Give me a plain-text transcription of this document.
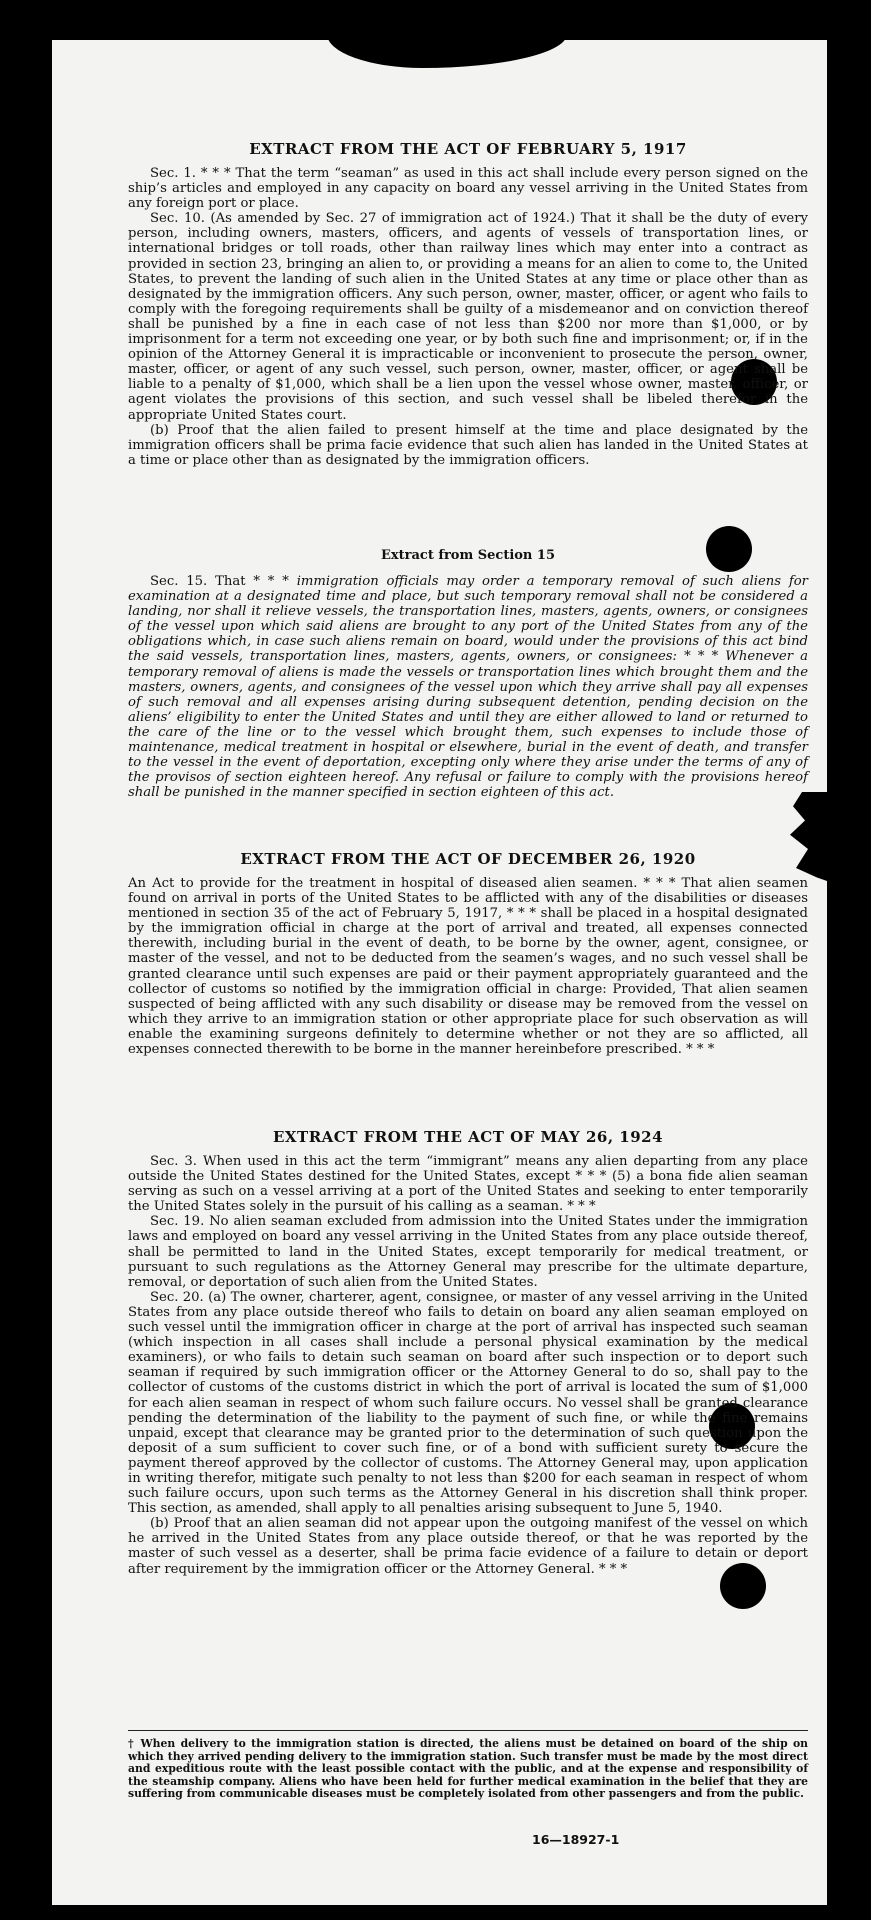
EXTRACT FROM THE ACT OF FEBRUARY 5, 1917

Sec. 1. * * * That the term “seaman” as used in this act shall include every person signed on the ship’s articles and employed in any capacity on board any vessel arriving in the United States from any foreign port or place.

Sec. 10. (As amended by Sec. 27 of immigration act of 1924.) That it shall be the duty of every person, including owners, masters, officers, and agents of vessels of transportation lines, or international bridges or toll roads, other than railway lines which may enter into a contract as provided in section 23, bringing an alien to, or providing a means for an alien to come to, the United States, to prevent the landing of such alien in the United States at any time or place other than as designated by the immigration officers. Any such person, owner, master, officer, or agent who fails to comply with the foregoing requirements shall be guilty of a misdemeanor and on conviction thereof shall be punished by a fine in each case of not less than $200 nor more than $1,000, or by imprisonment for a term not exceeding one year, or by both such fine and imprisonment; or, if in the opinion of the Attorney General it is impracticable or inconvenient to prosecute the person, owner, master, officer, or agent of any such vessel, such person, owner, master, officer, or agent shall be liable to a penalty of $1,000, which shall be a lien upon the vessel whose owner, master, officer, or agent violates the provisions of this section, and such vessel shall be libeled therefor in the appropriate United States court.

(b) Proof that the alien failed to present himself at the time and place designated by the immigration officers shall be prima facie evidence that such alien has landed in the United States at a time or place other than as designated by the immigration officers.

Extract from Section 15

Sec. 15. That * * * immigration officials may order a temporary removal of such aliens for examination at a designated time and place, but such temporary removal shall not be considered a landing, nor shall it relieve vessels, the transportation lines, masters, agents, owners, or consignees of the vessel upon which said aliens are brought to any port of the United States from any of the obligations which, in case such aliens remain on board, would under the provisions of this act bind the said vessels, transportation lines, masters, agents, owners, or consignees: * * * Whenever a temporary removal of aliens is made the vessels or transportation lines which brought them and the masters, owners, agents, and consignees of the vessel upon which they arrive shall pay all expenses of such removal and all expenses arising during subsequent detention, pending decision on the aliens’ eligibility to enter the United States and until they are either allowed to land or returned to the care of the line or to the vessel which brought them, such expenses to include those of maintenance, medical treatment in hospital or elsewhere, burial in the event of death, and transfer to the vessel in the event of deportation, excepting only where they arise under the terms of any of the provisos of section eighteen hereof. Any refusal or failure to comply with the provisions hereof shall be punished in the manner specified in section eighteen of this act.

EXTRACT FROM THE ACT OF DECEMBER 26, 1920

An Act to provide for the treatment in hospital of diseased alien seamen. * * * That alien seamen found on arrival in ports of the United States to be afflicted with any of the disabilities or diseases mentioned in section 35 of the act of February 5, 1917, * * * shall be placed in a hospital designated by the immigration official in charge at the port of arrival and treated, all expenses connected therewith, including burial in the event of death, to be borne by the owner, agent, consignee, or master of the vessel, and not to be deducted from the seamen’s wages, and no such vessel shall be granted clearance until such expenses are paid or their payment appropriately guaranteed and the collector of customs so notified by the immigration official in charge: Provided, That alien seamen suspected of being afflicted with any such disability or disease may be removed from the vessel on which they arrive to an immigration station or other appropriate place for such observation as will enable the examining surgeons definitely to determine whether or not they are so afflicted, all expenses connected therewith to be borne in the manner hereinbefore prescribed. * * *

EXTRACT FROM THE ACT OF MAY 26, 1924

Sec. 3. When used in this act the term “immigrant” means any alien departing from any place outside the United States destined for the United States, except * * * (5) a bona fide alien seaman serving as such on a vessel arriving at a port of the United States and seeking to enter temporarily the United States solely in the pursuit of his calling as a seaman. * * *

Sec. 19. No alien seaman excluded from admission into the United States under the immigration laws and employed on board any vessel arriving in the United States from any place outside thereof, shall be permitted to land in the United States, except temporarily for medical treatment, or pursuant to such regulations as the Attorney General may prescribe for the ultimate departure, removal, or deportation of such alien from the United States.

Sec. 20. (a) The owner, charterer, agent, consignee, or master of any vessel arriving in the United States from any place outside thereof who fails to detain on board any alien seaman employed on such vessel until the immigration officer in charge at the port of arrival has inspected such seaman (which inspection in all cases shall include a personal physical examination by the medical examiners), or who fails to detain such seaman on board after such inspection or to deport such seaman if required by such immigration officer or the Attorney General to do so, shall pay to the collector of customs of the customs district in which the port of arrival is located the sum of $1,000 for each alien seaman in respect of whom such failure occurs. No vessel shall be granted clearance pending the determination of the liability to the payment of such fine, or while the fine remains unpaid, except that clearance may be granted prior to the determination of such question upon the deposit of a sum sufficient to cover such fine, or of a bond with sufficient surety to secure the payment thereof approved by the collector of customs. The Attorney General may, upon application in writing therefor, mitigate such penalty to not less than $200 for each seaman in respect of whom such failure occurs, upon such terms as the Attorney General in his discretion shall think proper. This section, as amended, shall apply to all penalties arising subsequent to June 5, 1940.

(b) Proof that an alien seaman did not appear upon the outgoing manifest of the vessel on which he arrived in the United States from any place outside thereof, or that he was reported by the master of such vessel as a deserter, shall be prima facie evidence of a failure to detain or deport after requirement by the immigration officer or the Attorney General. * * *

† When delivery to the immigration station is directed, the aliens must be detained on board of the ship on which they arrived pending delivery to the immigration station. Such transfer must be made by the most direct and expeditious route with the least possible contact with the public, and at the expense and responsibility of the steamship company. Aliens who have been held for further medical examination in the belief that they are suffering from communicable diseases must be completely isolated from other passengers and from the public.
16—18927-1
